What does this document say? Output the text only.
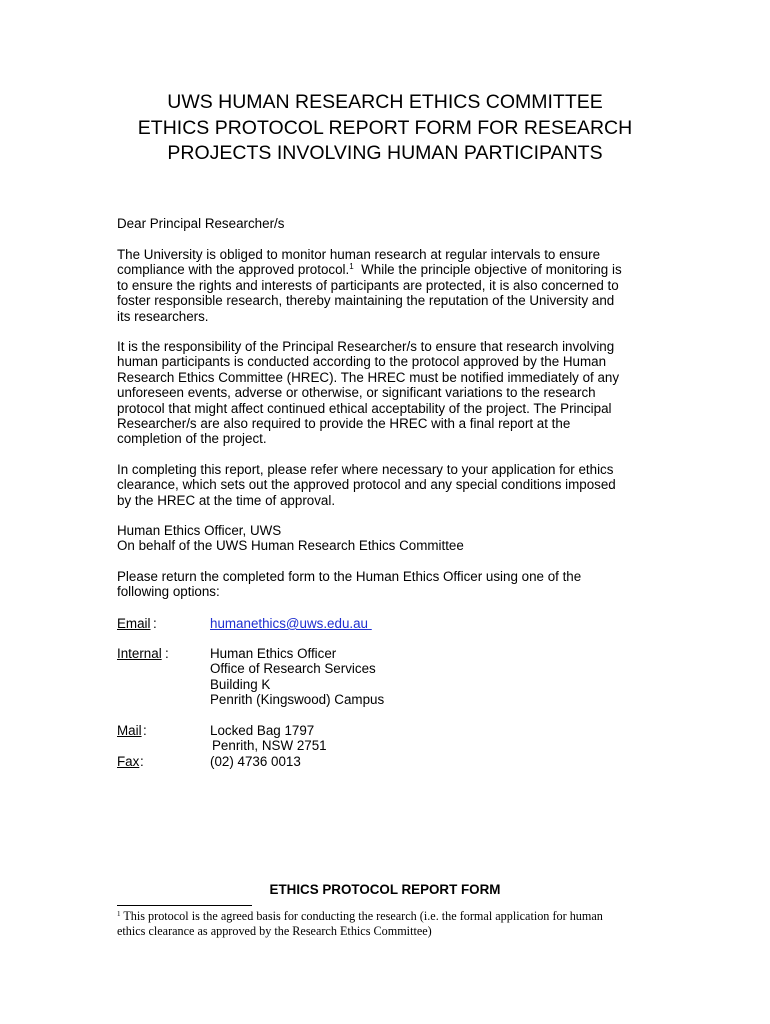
UWS HUMAN RESEARCH ETHICS COMMITTEE
ETHICS PROTOCOL REPORT FORM FOR RESEARCH
PROJECTS INVOLVING HUMAN PARTICIPANTS
Dear Principal Researcher/s
The University is obliged to monitor human research at regular intervals to ensure
compliance with the approved protocol.$^1$  While the principle objective of monitoring is
to ensure the rights and interests of participants are protected, it is also concerned to
foster responsible research, thereby maintaining the reputation of the University and
its researchers.
It is the responsibility of the Principal Researcher/s to ensure that research involving
human participants is conducted according to the protocol approved by the Human
Research Ethics Committee (HREC). The HREC must be notified immediately of any
unforeseen events, adverse or otherwise, or significant variations to the research
protocol that might affect continued ethical acceptability of the project. The Principal
Researcher/s are also required to provide the HREC with a final report at the
completion of the project.
In completing this report, please refer where necessary to your application for ethics
clearance, which sets out the approved protocol and any special conditions imposed
by the HREC at the time of approval.
Human Ethics Officer, UWS
On behalf of the UWS Human Research Ethics Committee
Please return the completed form to the Human Ethics Officer using one of the
following options:
Email :	humanethics@uws.edu.au
Internal :	Human Ethics Officer
Office of Research Services
Building K
Penrith (Kingswood) Campus
Mail :	Locked Bag 1797
Penrith, NSW 2751
Fax :	(02) 4736 0013
ETHICS PROTOCOL REPORT FORM
$^1$ This protocol is the agreed basis for conducting the research (i.e. the formal application for human
ethics clearance as approved by the Research Ethics Committee)
